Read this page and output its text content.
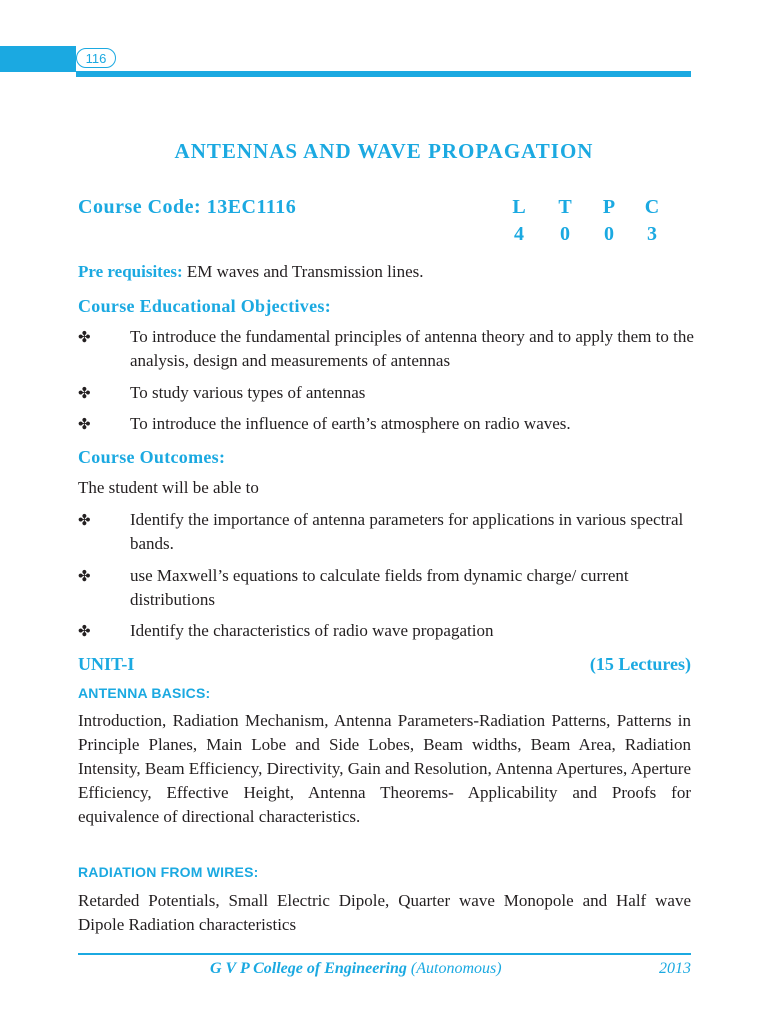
116
ANTENNAS AND WAVE PROPAGATION
Course Code: 13EC1116	L T P C
4	0	0	3
Pre requisites: EM waves and Transmission lines.
Course Educational Objectives:
✤	To introduce the fundamental principles of antenna theory and to apply them to the analysis, design and measurements of antennas
✤	To study various types of antennas
✤	To introduce the influence of earth’s atmosphere on radio waves.
Course Outcomes:
The student will be able to
✤	Identify the importance of antenna parameters for applications in various spectral bands.
✤	use Maxwell’s equations to calculate fields from dynamic charge/ current distributions
✤	Identify the characteristics of radio wave propagation
UNIT-I	(15 Lectures)
ANTENNA BASICS:
Introduction, Radiation Mechanism, Antenna Parameters-Radiation Patterns, Patterns in Principle Planes, Main Lobe and Side Lobes, Beam widths, Beam Area, Radiation Intensity, Beam Efficiency, Directivity, Gain and Resolution, Antenna Apertures, Aperture Efficiency, Effective Height, Antenna Theorems- Applicability and Proofs for equivalence of directional characteristics.
RADIATION FROM WIRES:
Retarded Potentials, Small Electric Dipole, Quarter wave Monopole and Half wave Dipole Radiation characteristics
G V P College of Engineering (Autonomous)	2013
